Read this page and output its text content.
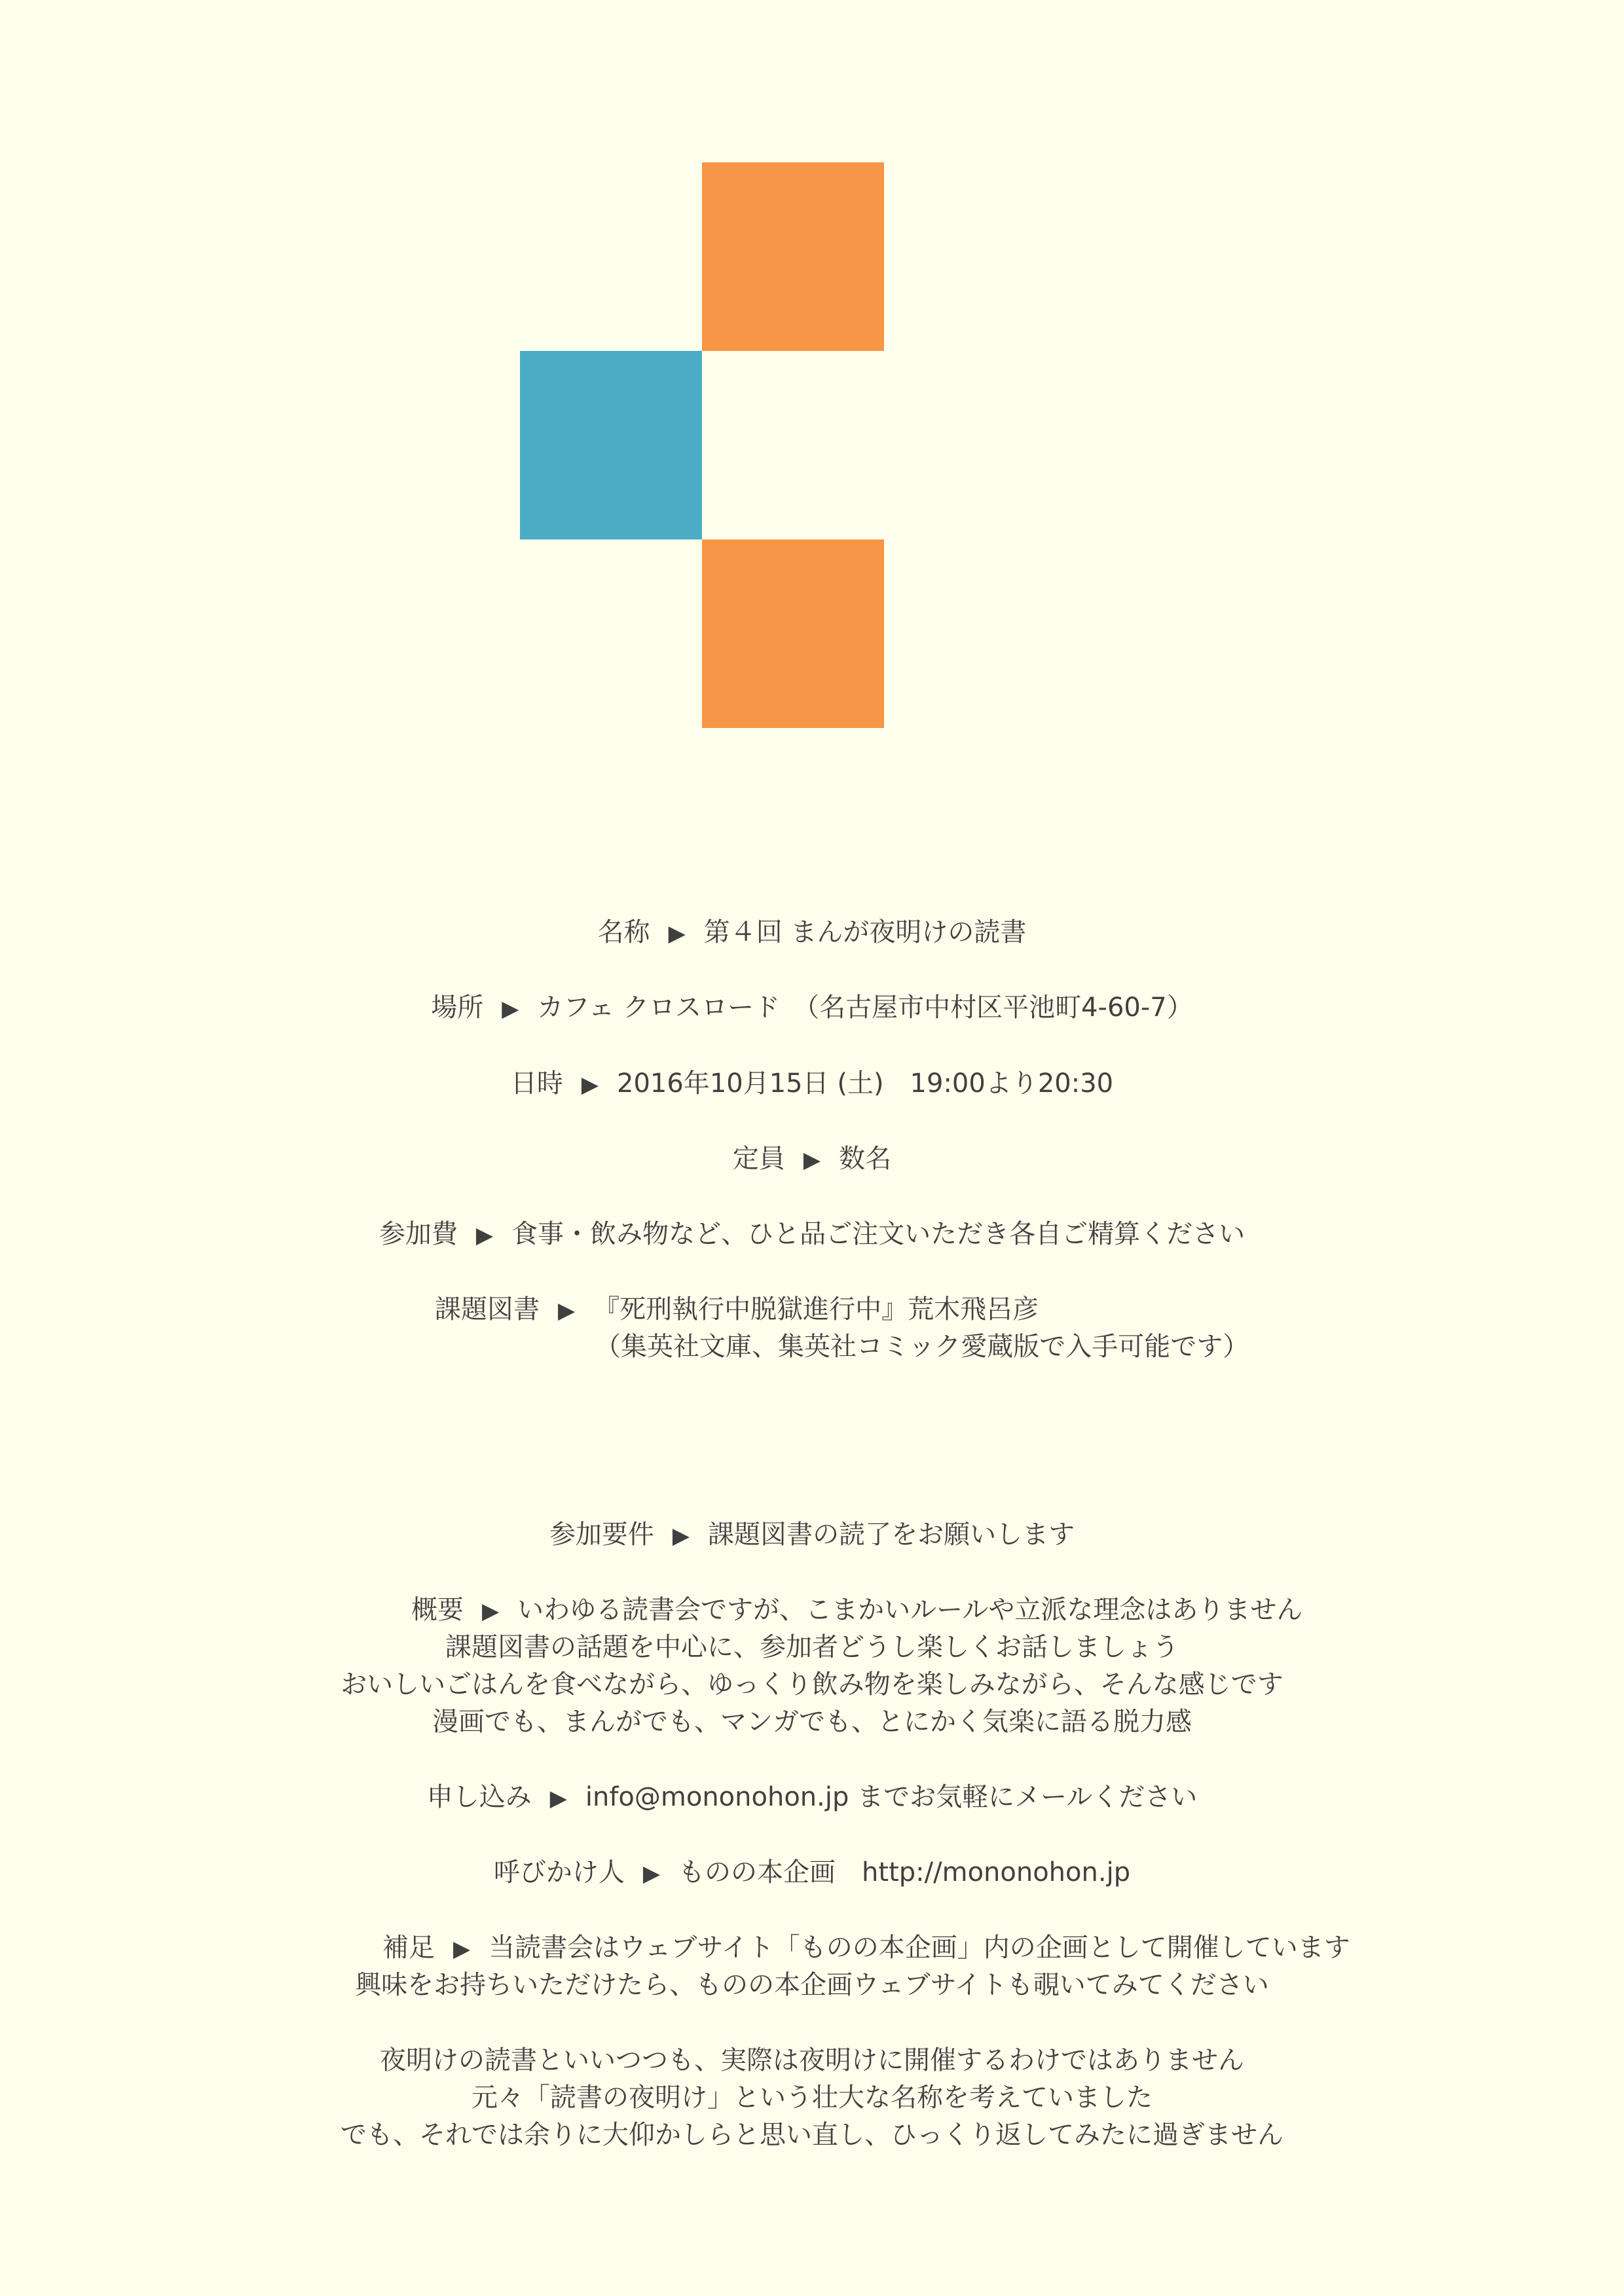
名称 ▶ 第４回 まんが夜明けの読書
場所 ▶ カフェ クロスロード　（名古屋市中村区平池町4-60-7）
日時 ▶ 2016年10月15日 (土)　19:00より20:30
定員 ▶ 数名
参加費 ▶ 食事・飲み物など、ひと品ご注文いただき各自ご精算ください
課題図書 ▶ 『死刑執行中脱獄進行中』荒木飛呂彦
（集英社文庫、集英社コミック愛蔵版で入手可能です）
参加要件 ▶ 課題図書の読了をお願いします
概要 ▶ いわゆる読書会ですが、こまかいルールや立派な理念はありません
課題図書の話題を中心に、参加者どうし楽しくお話しましょう
おいしいごはんを食べながら、ゆっくり飲み物を楽しみながら、そんな感じです
漫画でも、まんがでも、マンガでも、とにかく気楽に語る脱力感
申し込み ▶ info@mononohon.jp までお気軽にメールください
呼びかけ人 ▶ ものの本企画　http://mononohon.jp
補足 ▶ 当読書会はウェブサイト「ものの本企画」内の企画として開催しています
興味をお持ちいただけたら、ものの本企画ウェブサイトも覗いてみてください
夜明けの読書といいつつも、実際は夜明けに開催するわけではありません
元々「読書の夜明け」という壮大な名称を考えていました
でも、それでは余りに大仰かしらと思い直し、ひっくり返してみたに過ぎません
